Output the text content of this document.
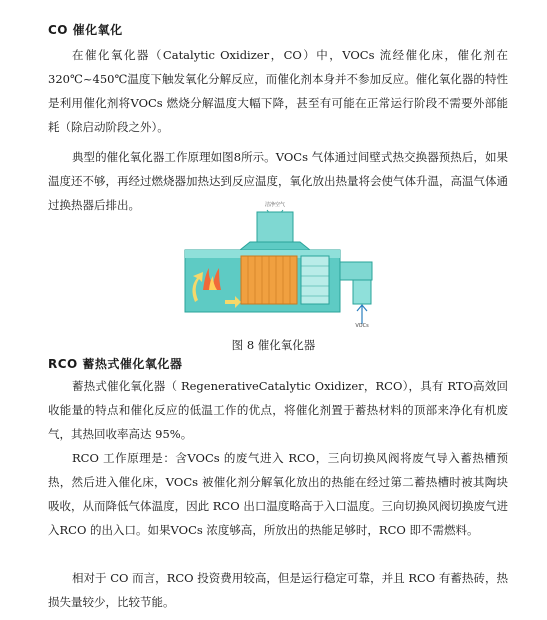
CO 催化氧化

在催化氧化器（Catalytic Oxidizer，CO）中，VOCs 流经催化床，催化剂在 320℃~450℃温度下触发氧化分解反应，而催化剂本身并不参加反应。催化氧化器的特性是利用催化剂将VOCs 燃烧分解温度大幅下降，甚至有可能在正常运行阶段不需要外部能耗（除启动阶段之外）。

典型的催化氧化器工作原理如图8所示。VOCs 气体通过间壁式热交换器预热后，如果温度还不够，再经过燃烧器加热达到反应温度，氧化放出热量将会使气体升温，高温气体通过换热器后排出。	洁净空气
VOCs
图 8 催化氧化器
RCO 蓄热式催化氧化器

蓄热式催化氧化器（ RegenerativeCatalytic Oxidizer，RCO），具有 RTO高效回收能量的特点和催化反应的低温工作的优点，将催化剂置于蓄热材料的顶部来净化有机废气，其热回收率高达 95%。

RCO 工作原理是：含VOCs 的废气进入 RCO，三向切换风阀将废气导入蓄热槽预热，然后进入催化床，VOCs 被催化剂分解氧化放出的热能在经过第二蓄热槽时被其陶块吸收，从而降低气体温度，因此 RCO 出口温度略高于入口温度。三向切换风阀切换废气进入RCO 的出入口。如果VOCs 浓度够高，所放出的热能足够时，RCO 即不需燃料。

相对于 CO 而言，RCO 投资费用较高，但是运行稳定可靠，并且 RCO 有蓄热砖，热损失量较少，比较节能。
